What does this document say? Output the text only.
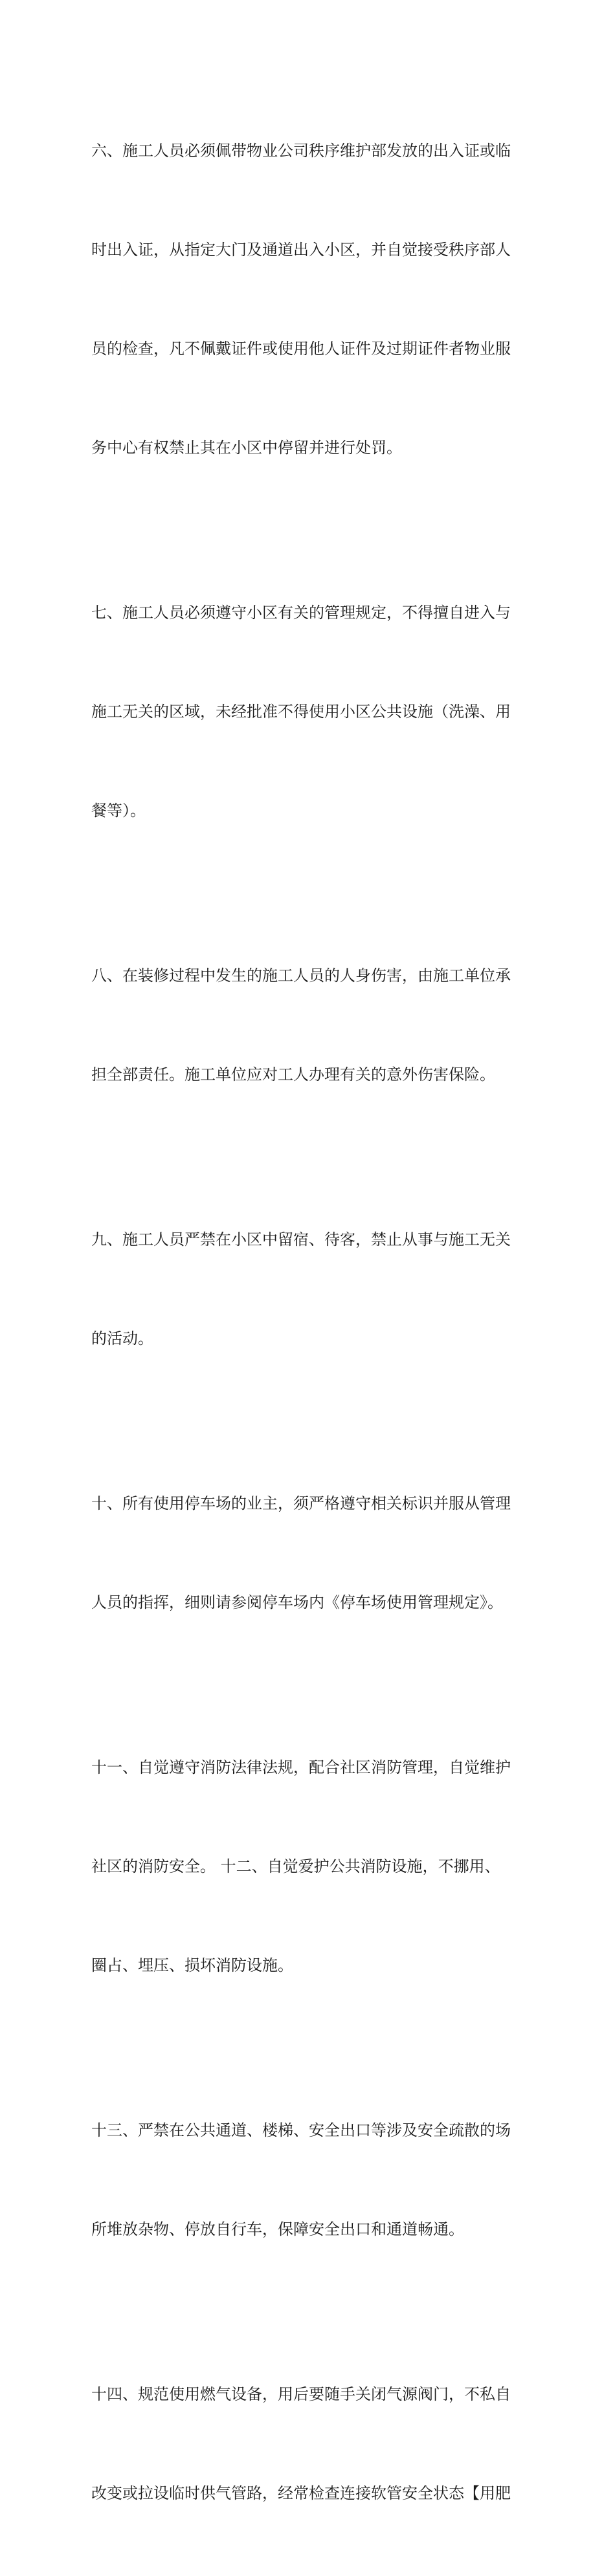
六、施工人员必须佩带物业公司秩序维护部发放的出入证或临

时出入证，从指定大门及通道出入小区，并自觉接受秩序部人

员的检查，凡不佩戴证件或使用他人证件及过期证件者物业服

务中心有权禁止其在小区中停留并进行处罚。

七、施工人员必须遵守小区有关的管理规定，不得擅自进入与

施工无关的区域，未经批准不得使用小区公共设施（洗澡、用

餐等）。

八、在装修过程中发生的施工人员的人身伤害，由施工单位承

担全部责任。施工单位应对工人办理有关的意外伤害保险。

九、施工人员严禁在小区中留宿、待客，禁止从事与施工无关

的活动。

十、所有使用停车场的业主，须严格遵守相关标识并服从管理

人员的指挥，细则请参阅停车场内《停车场使用管理规定》。

十一、自觉遵守消防法律法规，配合社区消防管理，自觉维护

社区的消防安全。 十二、自觉爱护公共消防设施，不挪用、

圈占、埋压、损坏消防设施。

十三、严禁在公共通道、楼梯、安全出口等涉及安全疏散的场

所堆放杂物、停放自行车，保障安全出口和通道畅通。

十四、规范使用燃气设备，用后要随手关闭气源阀门，不私自

改变或拉设临时供气管路，经常检查连接软管安全状态【用肥
